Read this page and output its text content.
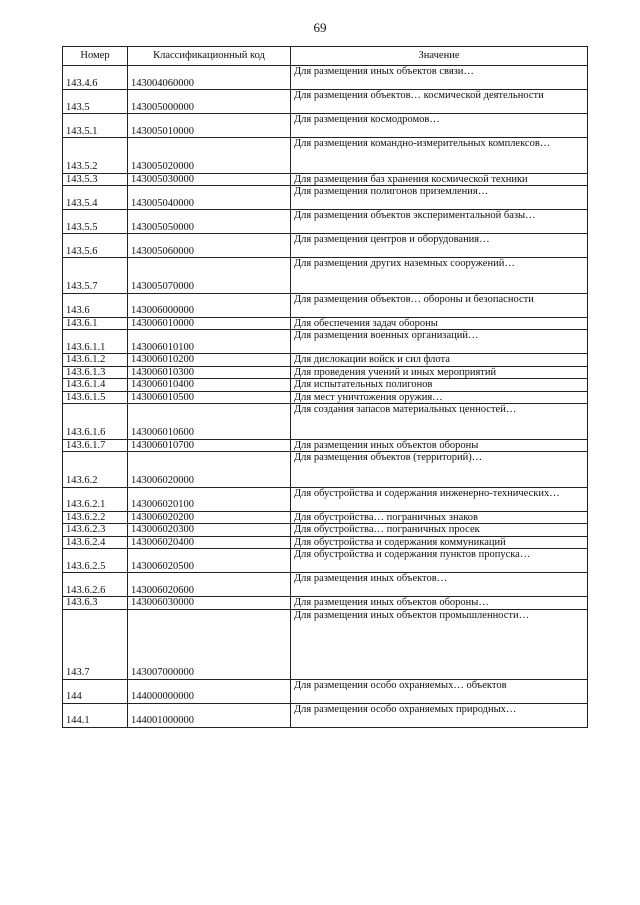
69
Номер	Классификационный код	Значение
143.4.6	143004060000	Для размещения иных объектов связи…
143.5	143005000000	Для размещения объектов… космической деятельности
143.5.1	143005010000	Для размещения космодромов…
143.5.2	143005020000	Для размещения командно-измерительных комплексов…
143.5.3	143005030000	Для размещения баз хранения космической техники
143.5.4	143005040000	Для размещения полигонов приземления…
143.5.5	143005050000	Для размещения объектов экспериментальной базы…
143.5.6	143005060000	Для размещения центров и оборудования…
143.5.7	143005070000	Для размещения других наземных сооружений…
143.6	143006000000	Для размещения объектов… обороны и безопасности
143.6.1	143006010000	Для обеспечения задач обороны
143.6.1.1	143006010100	Для размещения военных организаций…
143.6.1.2	143006010200	Для дислокации войск и сил флота
143.6.1.3	143006010300	Для проведения учений и иных мероприятий
143.6.1.4	143006010400	Для испытательных полигонов
143.6.1.5	143006010500	Для мест уничтожения оружия…
143.6.1.6	143006010600	Для создания запасов материальных ценностей…
143.6.1.7	143006010700	Для размещения иных объектов обороны
143.6.2	143006020000	Для размещения объектов (территорий)…
143.6.2.1	143006020100	Для обустройства и содержания инженерно-технических…
143.6.2.2	143006020200	Для обустройства… пограничных знаков
143.6.2.3	143006020300	Для обустройства… пограничных просек
143.6.2.4	143006020400	Для обустройства и содержания коммуникаций
143.6.2.5	143006020500	Для обустройства и содержания пунктов пропуска…
143.6.2.6	143006020600	Для размещения иных объектов…
143.6.3	143006030000	Для размещения иных объектов обороны…
143.7	143007000000	Для размещения иных объектов промышленности…
144	144000000000	Для размещения особо охраняемых… объектов
144.1	144001000000	Для размещения особо охраняемых природных…
